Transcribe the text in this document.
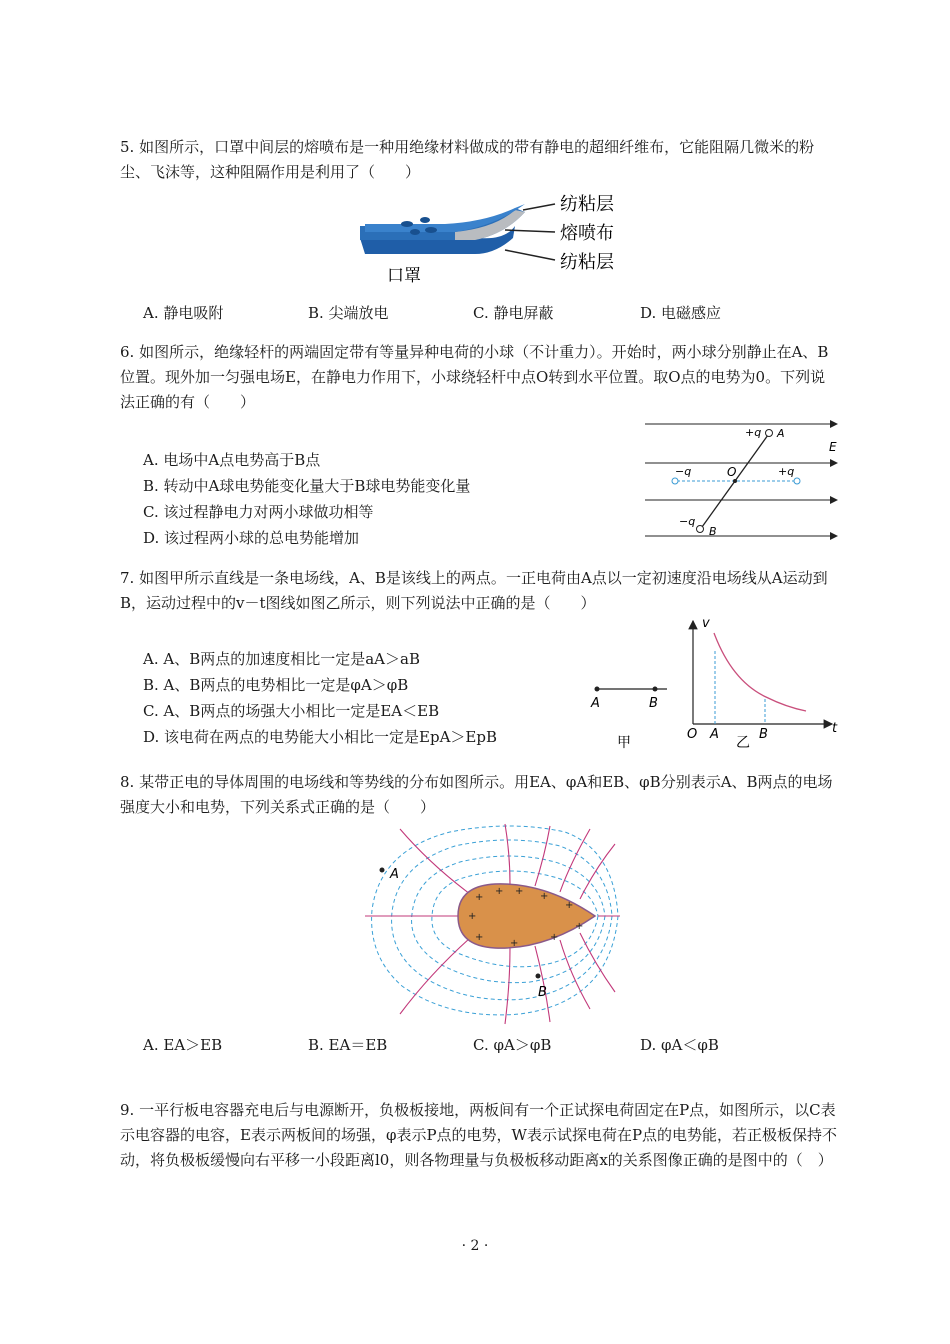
5. 如图所示，口罩中间层的熔喷布是一种用绝缘材料做成的带有静电的超细纤维布，它能阻隔几微米的粉尘、飞沫等，这种阻隔作用是利用了（　　）
纺粘层
熔喷布
纺粘层
口罩
A. 静电吸附	B. 尖端放电	C. 静电屏蔽	D. 电磁感应
6. 如图所示，绝缘轻杆的两端固定带有等量异种电荷的小球（不计重力）。开始时，两小球分别静止在A、B位置。现外加一匀强电场E，在静电力作用下，小球绕轻杆中点O转到水平位置。取O点的电势为0。下列说法正确的有（　　）
+q A
E
−q	O	+q
−q
B
A. 电场中A点电势高于B点
B. 转动中A球电势能变化量大于B球电势能变化量
C. 该过程静电力对两小球做功相等
D. 该过程两小球的总电势能增加
7. 如图甲所示直线是一条电场线，A、B是该线上的两点。一正电荷由A点以一定初速度沿电场线从A运动到B，运动过程中的v－t图线如图乙所示，则下列说法中正确的是（　　）
A	B
甲
v
t
O A	B
乙
A. A、B两点的加速度相比一定是aA＞aB
B. A、B两点的电势相比一定是φA＞φB
C. A、B两点的场强大小相比一定是EA＜EB
D. 该电荷在两点的电势能大小相比一定是EpA＞EpB
8. 某带正电的导体周围的电场线和等势线的分布如图所示。用EA、φA和EB、φB分别表示A、B两点的电场强度大小和电势，下列关系式正确的是（　　）
+
+ + +
+
+
+
+
+
+
A
B
A. EA＞EB	B. EA＝EB	C. φA＞φB	D. φA＜φB
9. 一平行板电容器充电后与电源断开，负极板接地，两板间有一个正试探电荷固定在P点，如图所示，以C表示电容器的电容，E表示两板间的场强，φ表示P点的电势，W表示试探电荷在P点的电势能，若正极板保持不动，将负极板缓慢向右平移一小段距离l0，则各物理量与负极板移动距离x的关系图像正确的是图中的（　）
· 2 ·
